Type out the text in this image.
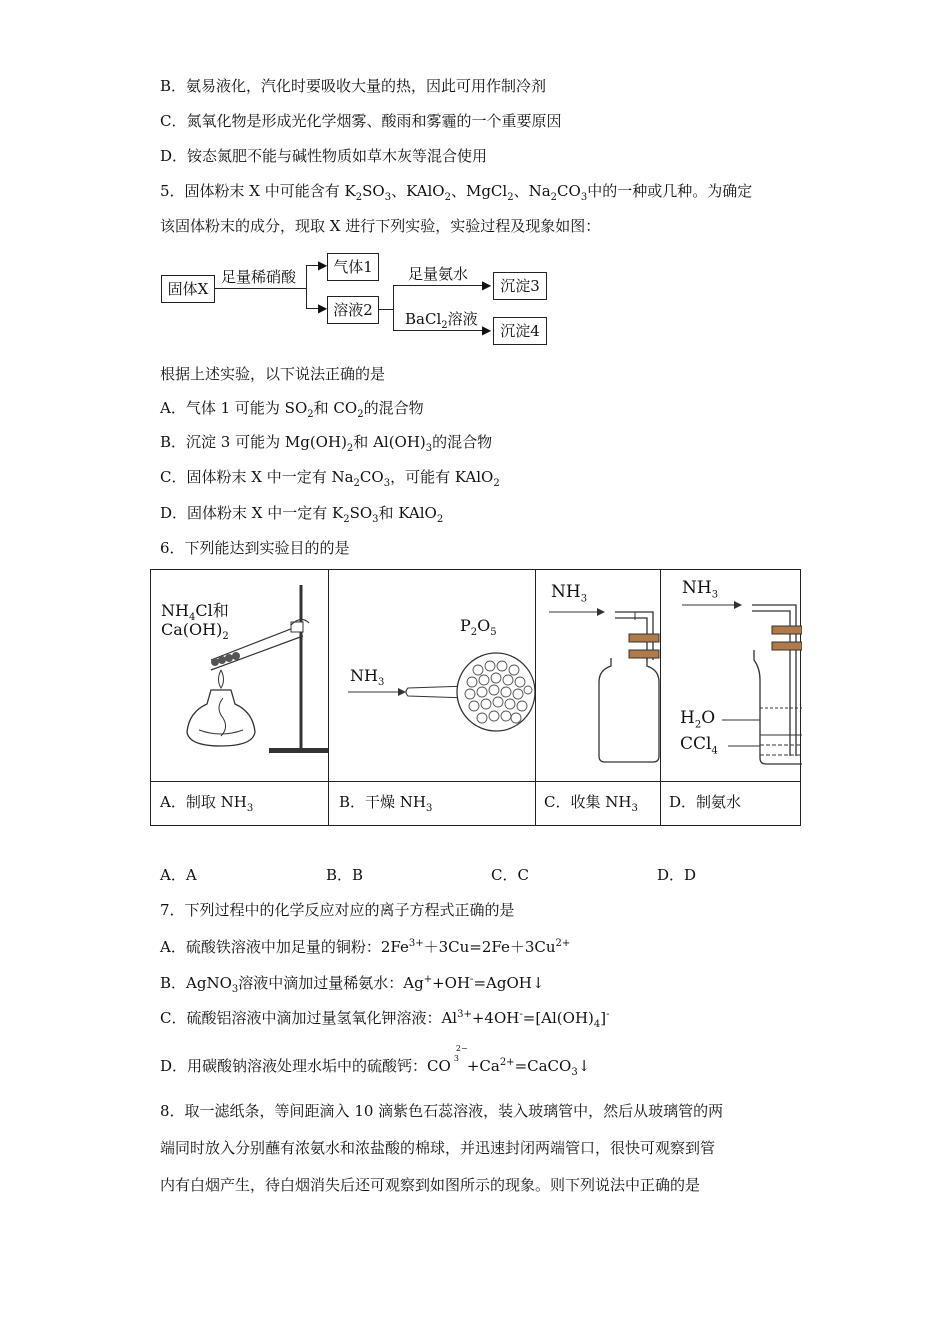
B．氨易液化，汽化时要吸收大量的热，因此可用作制冷剂
C．氮氧化物是形成光化学烟雾、酸雨和雾霾的一个重要原因
D．铵态氮肥不能与碱性物质如草木灰等混合使用
5．固体粉末 X 中可能含有 $K_2SO_3$、KAlO$_2$、MgCl$_2$、$Na_2CO_3$中的一种或几种。为确定
该固体粉末的成分，现取 X 进行下列实验，实验过程及现象如图：
固体X
足量稀硝酸
▶
▶
气体1
溶液2
▶
▶
足量氨水
BaCl$_2$溶液
沉淀3
沉淀4
根据上述实验，以下说法正确的是
A．气体 1 可能为 $SO_2$和 $CO_2$的混合物
B．沉淀 3 可能为 $Mg(OH)_2$和 $Al(OH)_3$的混合物
C．固体粉末 X 中一定有 $Na_2CO_3$，可能有 KAlO$_2$
D．固体粉末 X 中一定有 $K_2SO_3$和 KAlO$_2$
6．下列能达到实验目的的是
$NH_4Cl$和
$Ca(OH)_2$
$P_2O_5$
$NH_3$
$NH_3$
$NH_3$
$H_2O$
CCl$_4$
A．制取 $NH_3$	B．干燥 $NH_3$	C．收集 $NH_3$ D．制氨水
A．A	B．B	C．C	D．D
7．下列过程中的化学反应对应的离子方程式正确的是
A．硫酸铁溶液中加足量的铜粉：$2Fe^{3+}+3Cu=2Fe+3Cu^{2+}$
B．AgNO$_3$溶液中滴加过量稀氨水：Ag++OH-=AgOH↓
C．硫酸铝溶液中滴加过量氢氧化钾溶液：$Al^{3+}+4OH^-=[Al(OH)_4]^-$
D．用碳酸钠溶液处理水垢中的硫酸钙：CO
2−
$3 +Ca^{2+}=CaCO_3↓$
8．取一滤纸条，等间距滴入 10 滴紫色石蕊溶液，装入玻璃管中，然后从玻璃管的两
端同时放入分别蘸有浓氨水和浓盐酸的棉球，并迅速封闭两端管口，很快可观察到管
内有白烟产生，待白烟消失后还可观察到如图所示的现象。则下列说法中正确的是
